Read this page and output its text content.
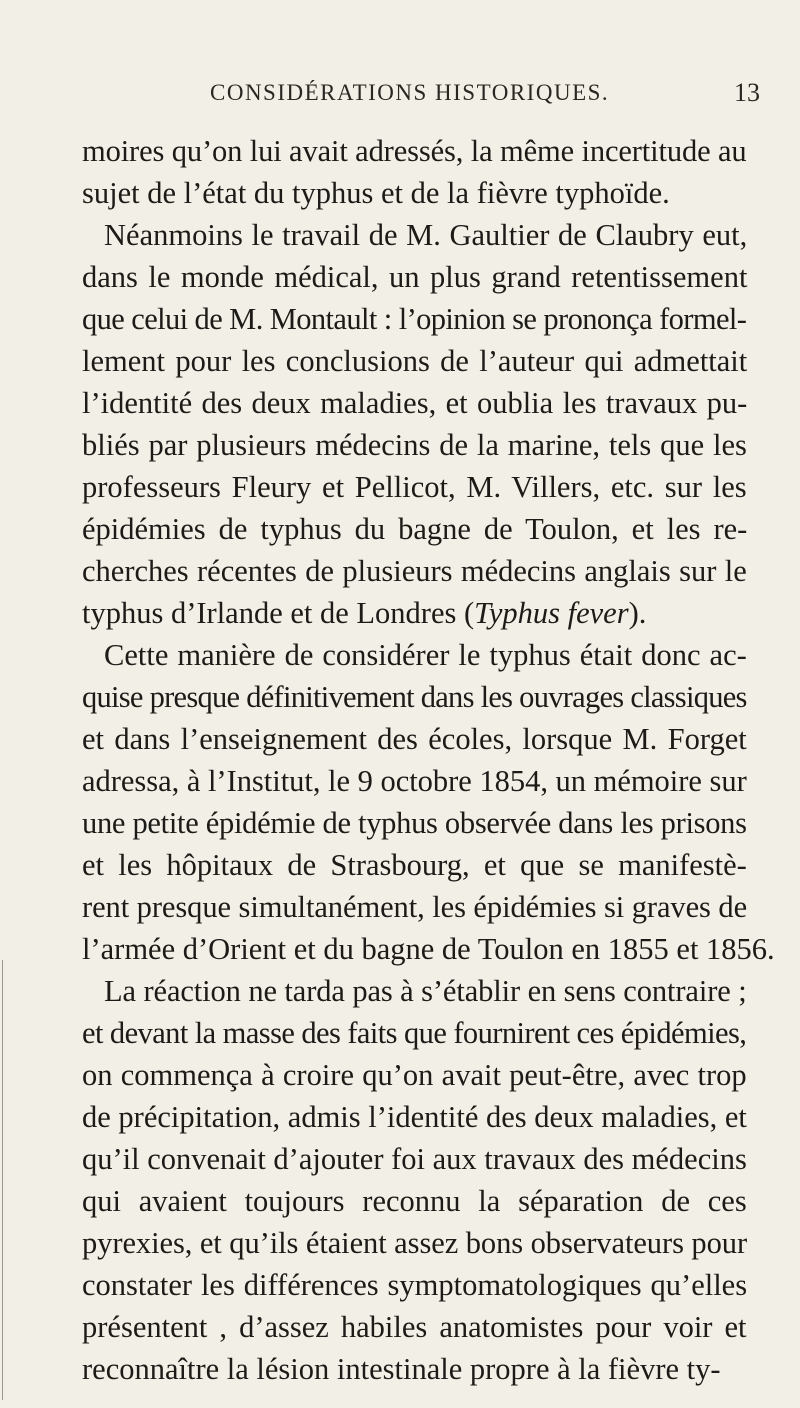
CONSIDÉRATIONS HISTORIQUES.	13
moires qu’on lui avait adressés, la même incertitude au
sujet de l’état du typhus et de la fièvre typhoïde.
Néanmoins le travail de M. Gaultier de Claubry eut,
dans le monde médical, un plus grand retentissement
que celui de M. Montault : l’opinion se prononça formel-
lement pour les conclusions de l’auteur qui admettait
l’identité des deux maladies, et oublia les travaux pu-
bliés par plusieurs médecins de la marine, tels que les
professeurs Fleury et Pellicot, M. Villers, etc. sur les
épidémies de typhus du bagne de Toulon, et les re-
cherches récentes de plusieurs médecins anglais sur le
typhus d’Irlande et de Londres (Typhus fever).
Cette manière de considérer le typhus était donc ac-
quise presque définitivement dans les ouvrages classiques
et dans l’enseignement des écoles, lorsque M. Forget
adressa, à l’Institut, le 9 octobre 1854, un mémoire sur
une petite épidémie de typhus observée dans les prisons
et les hôpitaux de Strasbourg, et que se manifestè-
rent presque simultanément, les épidémies si graves de
l’armée d’Orient et du bagne de Toulon en 1855 et 1856.
La réaction ne tarda pas à s’établir en sens contraire ;
et devant la masse des faits que fournirent ces épidémies,
on commença à croire qu’on avait peut-être, avec trop
de précipitation, admis l’identité des deux maladies, et
qu’il convenait d’ajouter foi aux travaux des médecins
qui avaient toujours reconnu la séparation de ces
pyrexies, et qu’ils étaient assez bons observateurs pour
constater les différences symptomatologiques qu’elles
présentent , d’assez habiles anatomistes pour voir et
reconnaître la lésion intestinale propre à la fièvre ty-
